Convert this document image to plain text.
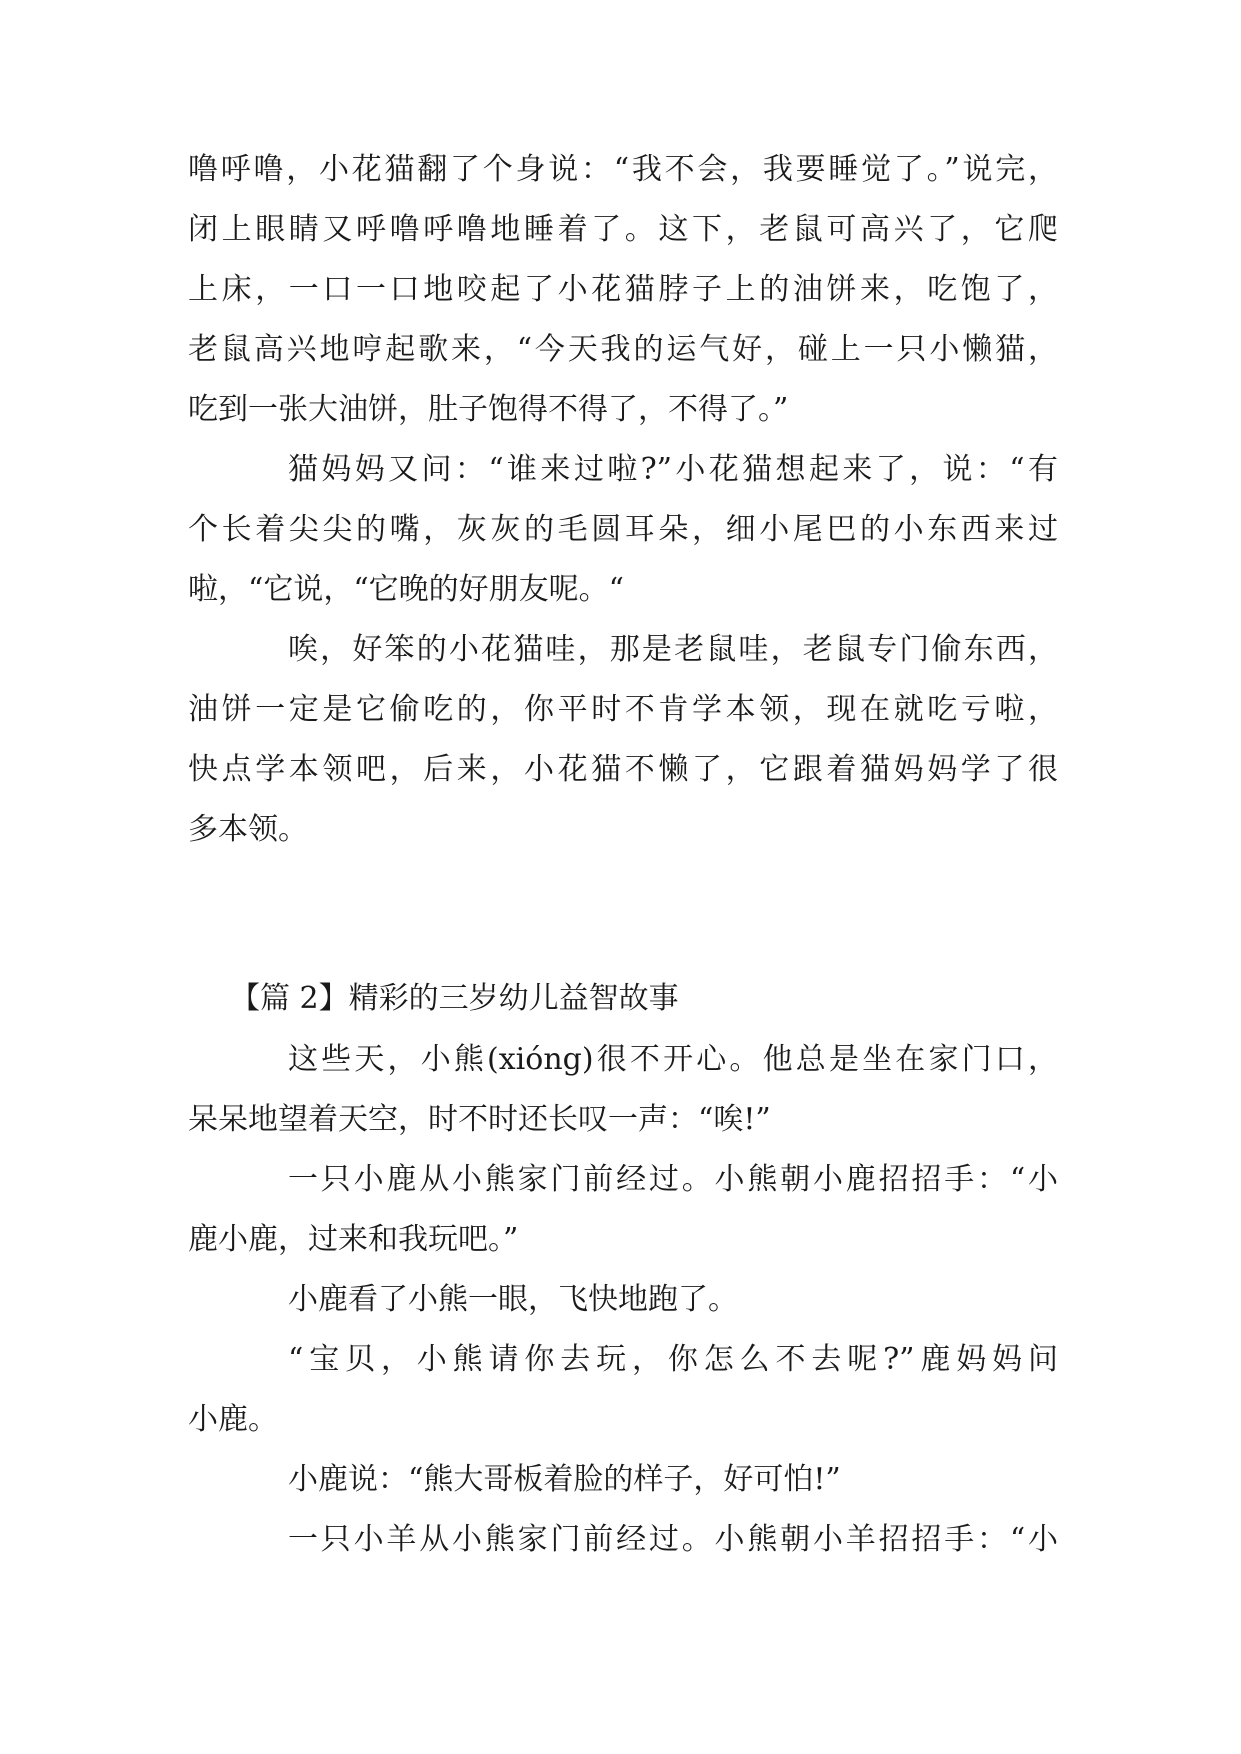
噜呼噜，小花猫翻了个身说：“我不会，我要睡觉了。”说完，
闭上眼睛又呼噜呼噜地睡着了。这下，老鼠可高兴了，它爬
上床，一口一口地咬起了小花猫脖子上的油饼来，吃饱了，
老鼠高兴地哼起歌来，“今天我的运气好，碰上一只小懒猫，
吃到一张大油饼，肚子饱得不得了，不得了。”
猫妈妈又问：“谁来过啦?”小花猫想起来了，说：“有
个长着尖尖的嘴，灰灰的毛圆耳朵，细小尾巴的小东西来过
啦，“它说，“它晚的好朋友呢。“
唉，好笨的小花猫哇，那是老鼠哇，老鼠专门偷东西，
油饼一定是它偷吃的，你平时不肯学本领，现在就吃亏啦，
快点学本领吧，后来，小花猫不懒了，它跟着猫妈妈学了很
多本领。
【篇 2】精彩的三岁幼儿益智故事
这些天，小熊(xióng)很不开心。他总是坐在家门口，
呆呆地望着天空，时不时还长叹一声：“唉!”
一只小鹿从小熊家门前经过。小熊朝小鹿招招手：“小
鹿小鹿，过来和我玩吧。”
小鹿看了小熊一眼，飞快地跑了。
“宝贝，小熊请你去玩，你怎么不去呢?”鹿妈妈问
小鹿。
小鹿说：“熊大哥板着脸的样子，好可怕!”
一只小羊从小熊家门前经过。小熊朝小羊招招手：“小
